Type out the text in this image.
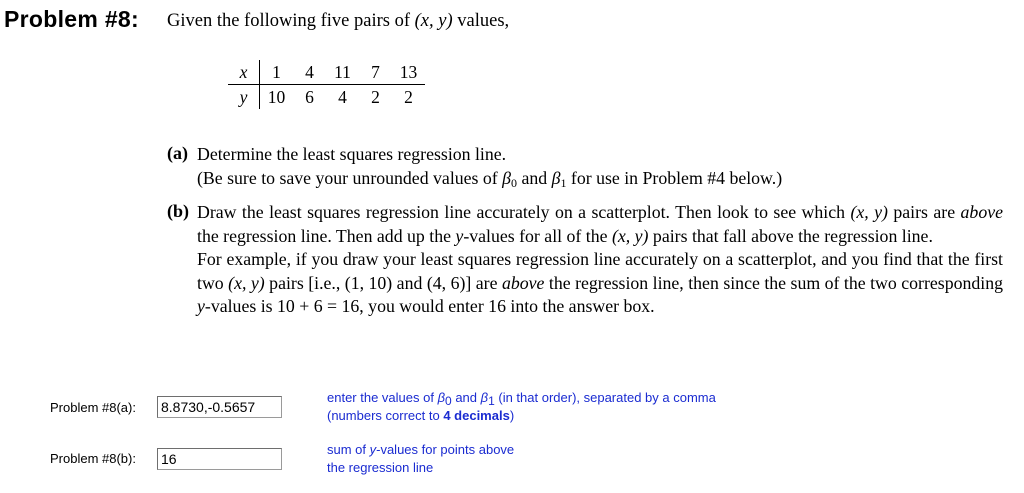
Problem #8: Given the following five pairs of (x, y) values,
x	1	4	11	7	13
y	10	6	4	2	2
(a) Determine the least squares regression line.
(Be sure to save your unrounded values of $\beta_0$ and $\beta_1$ for use in Problem #4 below.)
(b) Draw the least squares regression line accurately on a scatterplot. Then look to see which (x, y) pairs are above the regression line. Then add up the y-values for all of the (x, y) pairs that fall above the regression line.

For example, if you draw your least squares regression line accurately on a scatterplot, and you find that the first two (x, y) pairs [i.e., (1, 10) and (4, 6)] are above the regression line, then since the sum of the two corresponding y-values is 10 + 6 = 16, you would enter 16 into the answer box.

Problem #8(a):
8.8730,-0.5657
enter the values of $\beta_0$ and $\beta_1$ (in that order), separated by a comma
(numbers correct to 4 decimals)
Problem #8(b):
16
sum of y-values for points above
the regression line
